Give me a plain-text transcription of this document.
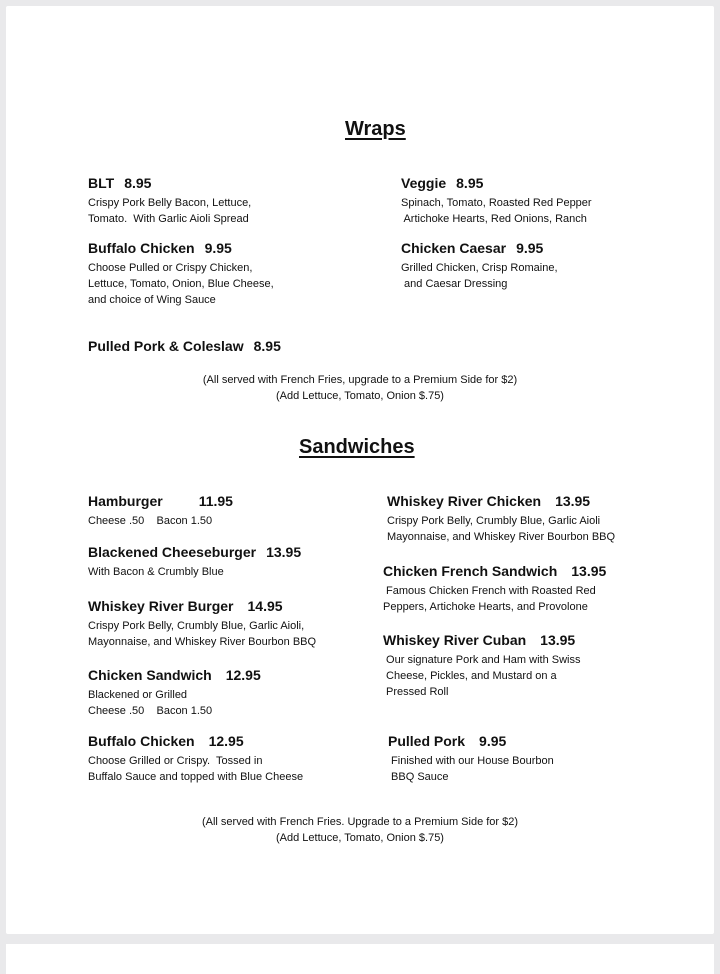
Wraps
BLT 8.95
Crispy Pork Belly Bacon, Lettuce,
Tomato.  With Garlic Aioli Spread
Veggie 8.95
Spinach, Tomato, Roasted Red Pepper
Artichoke Hearts, Red Onions, Ranch
Buffalo Chicken 9.95
Choose Pulled or Crispy Chicken,
Lettuce, Tomato, Onion, Blue Cheese,
and choice of Wing Sauce
Chicken Caesar 9.95
Grilled Chicken, Crisp Romaine,
and Caesar Dressing
Pulled Pork & Coleslaw 8.95
(All served with French Fries, upgrade to a Premium Side for $2)
(Add Lettuce, Tomato, Onion $.75)
Sandwiches
Hamburger	11.95
Cheese .50    Bacon 1.50
Whiskey River Chicken 13.95
Crispy Pork Belly, Crumbly Blue, Garlic Aioli
Mayonnaise, and Whiskey River Bourbon BBQ
Blackened Cheeseburger 13.95
With Bacon & Crumbly Blue	Chicken French Sandwich 13.95
Famous Chicken French with Roasted Red
Peppers, Artichoke Hearts, and Provolone
Whiskey River Burger 14.95
Crispy Pork Belly, Crumbly Blue, Garlic Aioli,
Mayonnaise, and Whiskey River Bourbon BBQ	Whiskey River Cuban 13.95
Our signature Pork and Ham with Swiss
Cheese, Pickles, and Mustard on a
Pressed Roll
Chicken Sandwich 12.95
Blackened or Grilled
Cheese .50    Bacon 1.50
Buffalo Chicken 12.95
Choose Grilled or Crispy.  Tossed in
Buffalo Sauce and topped with Blue Cheese
Pulled Pork 9.95
Finished with our House Bourbon
BBQ Sauce
(All served with French Fries. Upgrade to a Premium Side for $2)
(Add Lettuce, Tomato, Onion $.75)
